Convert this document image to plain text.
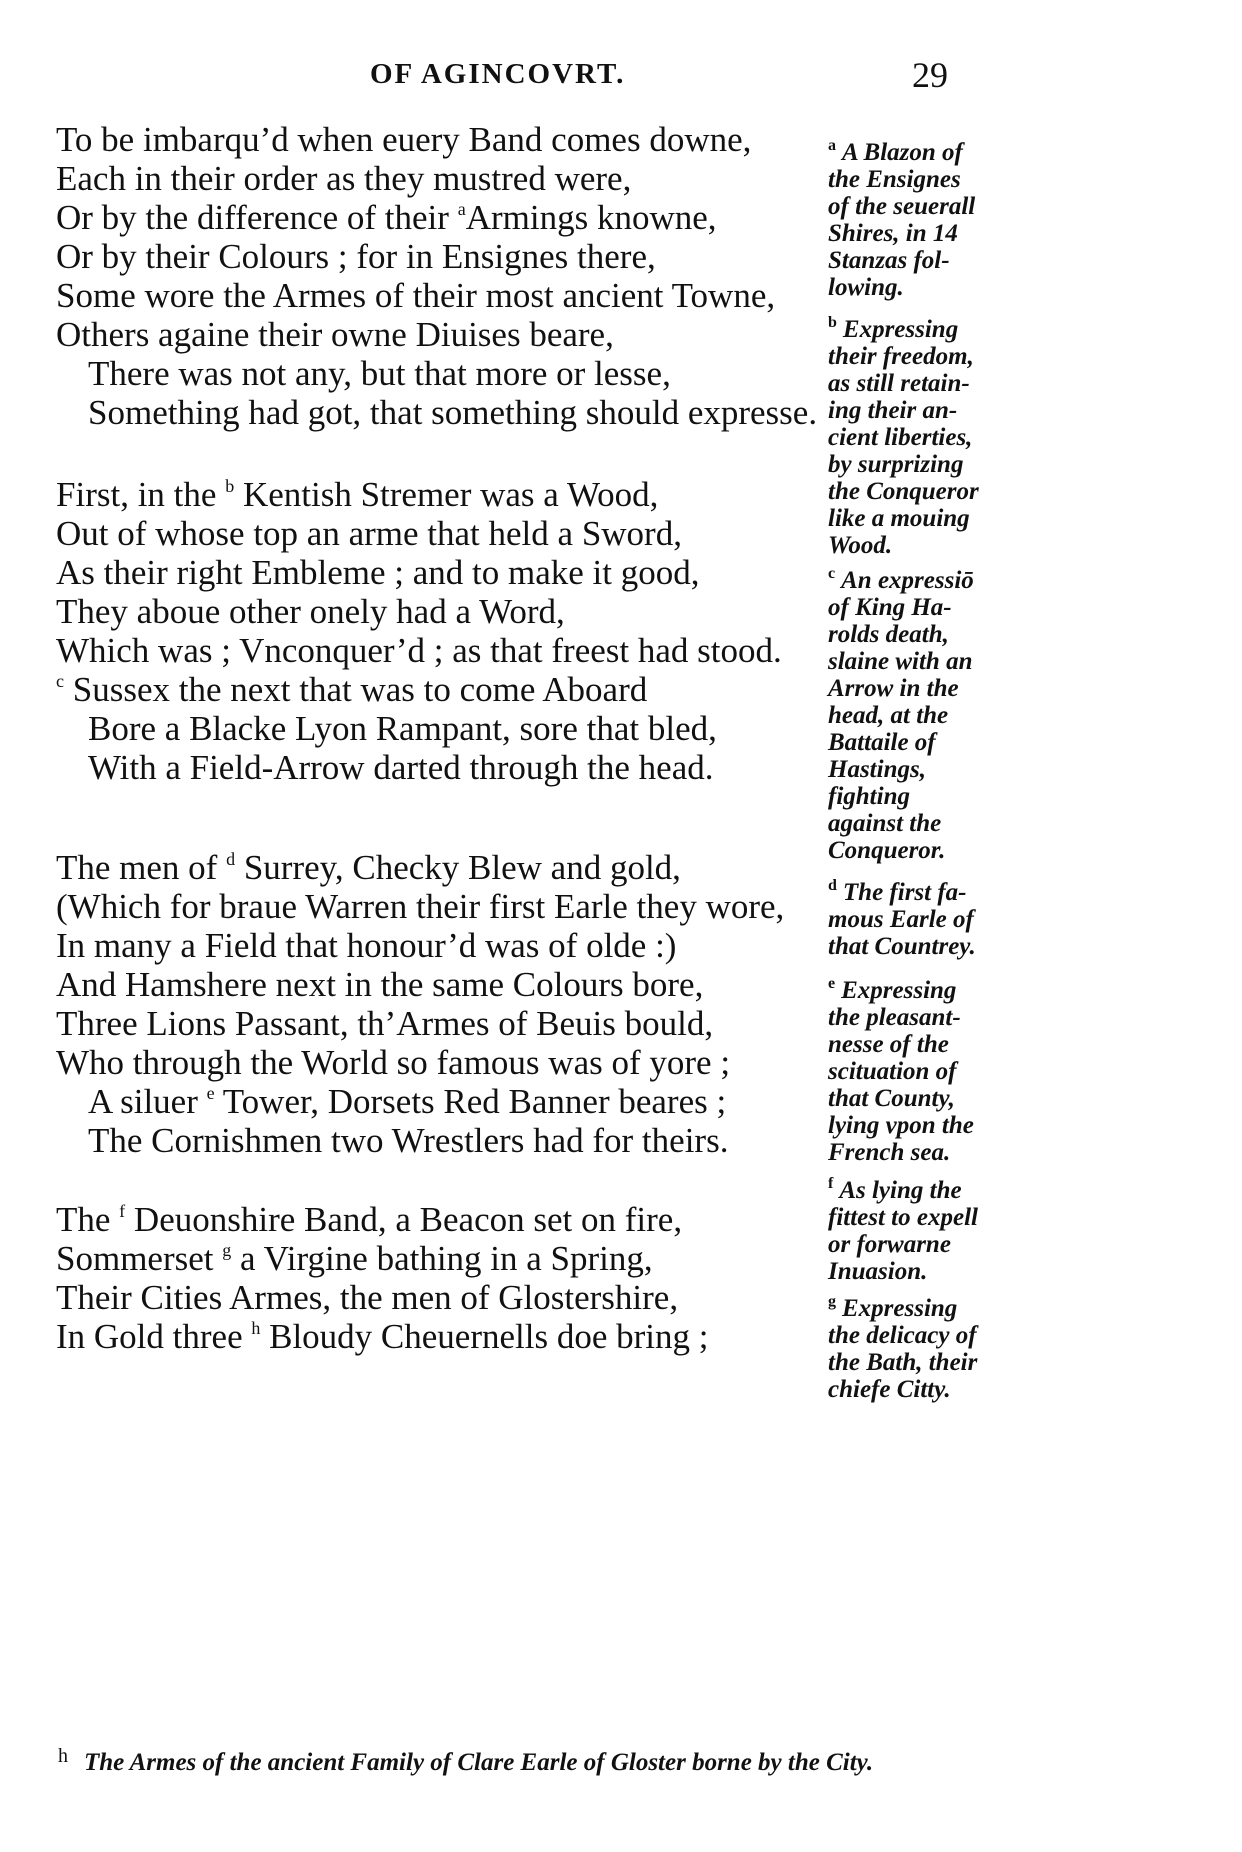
OF AGINCOVRT.	29
To be imbarqu’d when euery Band comes downe,
Each in their order as they mustred were,
Or by the difference of their $^a$Armings knowne,
Or by their Colours ; for in Ensignes there,
Some wore the Armes of their most ancient Towne,
Others againe their owne Diuises beare,
There was not any, but that more or lesse,
Something had got, that something should expresse.
First, in the $^b$ Kentish Stremer was a Wood,
Out of whose top an arme that held a Sword,
As their right Embleme ; and to make it good,
They aboue other onely had a Word,
Which was ; Vnconquer’d ; as that freest had stood.
$^c$ Sussex the next that was to come Aboard
Bore a Blacke Lyon Rampant, sore that bled,
With a Field-Arrow darted through the head.
The men of $^d$ Surrey, Checky Blew and gold,
(Which for braue Warren their first Earle they wore,
In many a Field that honour’d was of olde :)
And Hamshere next in the same Colours bore,
Three Lions Passant, th’Armes of Beuis bould,
Who through the World so famous was of yore ;
A siluer $^e$ Tower, Dorsets Red Banner beares ;
The Cornishmen two Wrestlers had for theirs.
The $^f$ Deuonshire Band, a Beacon set on fire,
Sommerset $^g$ a Virgine bathing in a Spring,
Their Cities Armes, the men of Glostershire,
In Gold three $^h$ Bloudy Cheuernells doe bring ;
$^a$ A Blazon of
the Ensignes
of the seuerall
Shires, in 14
Stanzas fol-
lowing.
$^b$ Expressing
their freedom,
as still retain-
ing their an-
cient liberties,
by surprizing
the Conqueror
like a mouing
Wood.
$^c$ An expressiō
of King Ha-
rolds death,
slaine with an
Arrow in the
head, at the
Battaile of
Hastings,
fighting
against the
Conqueror.
$^d$ The first fa-
mous Earle of
that Countrey.
$^e$ Expressing
the pleasant-
nesse of the
scituation of
that County,
lying vpon the
French sea.
$^f$ As lying the
fittest to expell
or forwarne
Inuasion.
$^g$ Expressing
the delicacy of
the Bath, their
chiefe Citty.
$^h$ The Armes of the ancient Family of Clare Earle of Gloster borne by the City.
